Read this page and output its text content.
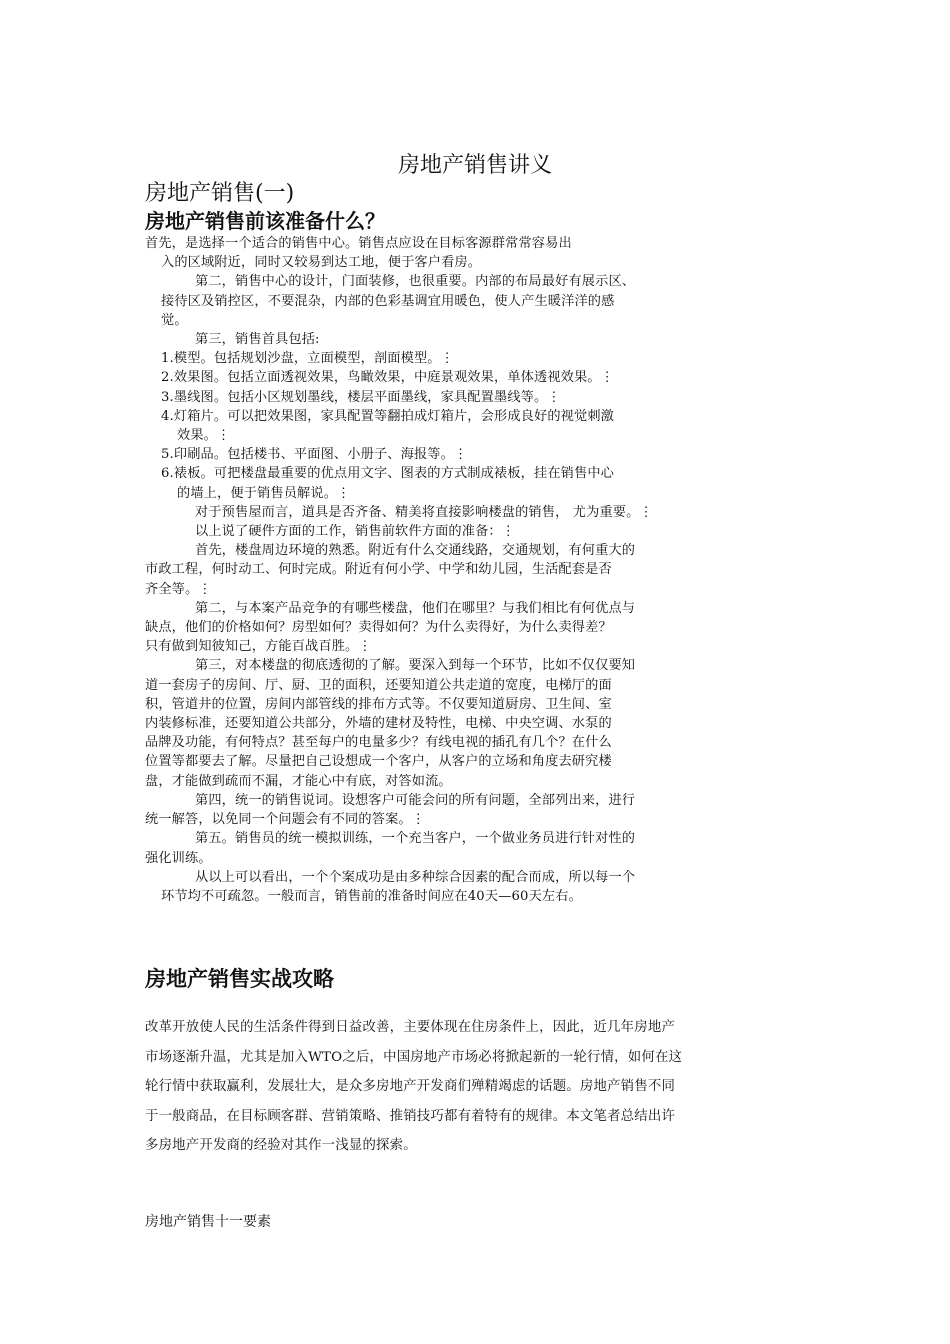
房地产销售讲义
房地产销售(一)
房地产销售前该准备什么？
首先，是选择一个适合的销售中心。销售点应设在目标客源群常常容易出
入的区域附近，同时又较易到达工地，便于客户看房。
第二，销售中心的设计，门面装修，也很重要。内部的布局最好有展示区、
接待区及销控区，不要混杂，内部的色彩基调宜用暖色，使人产生暖洋洋的感
觉。
第三，销售首具包括:
1.模型。包括规划沙盘，立面模型，剖面模型。⋮
2.效果图。包括立面透视效果，鸟瞰效果，中庭景观效果，单体透视效果。⋮
3.墨线图。包括小区规划墨线，楼层平面墨线，家具配置墨线等。⋮
4.灯箱片。可以把效果图，家具配置等翻拍成灯箱片，会形成良好的视觉刺激
效果。⋮
5.印刷品。包括楼书、平面图、小册子、海报等。⋮
6.裱板。可把楼盘最重要的优点用文字、图表的方式制成裱板，挂在销售中心
的墙上，便于销售员解说。⋮
对于预售屋而言，道具是否齐备、精美将直接影响楼盘的销售， 尤为重要。⋮
以上说了硬件方面的工作，销售前软件方面的准备：⋮
首先，楼盘周边环境的熟悉。附近有什么交通线路，交通规划，有何重大的
市政工程，何时动工、何时完成。附近有何小学、中学和幼儿园，生活配套是否
齐全等。⋮
第二，与本案产品竞争的有哪些楼盘，他们在哪里？与我们相比有何优点与
缺点，他们的价格如何？房型如何？卖得如何？为什么卖得好，为什么卖得差？
只有做到知彼知己，方能百战百胜。⋮
第三，对本楼盘的彻底透彻的了解。要深入到每一个环节，比如不仅仅要知
道一套房子的房间、厅、厨、卫的面积，还要知道公共走道的宽度，电梯厅的面
积，管道井的位置，房间内部管线的排布方式等。不仅要知道厨房、卫生间、室
内装修标准，还要知道公共部分，外墙的建材及特性，电梯、中央空调、水泵的
品牌及功能，有何特点？甚至每户的电量多少？有线电视的插孔有几个？在什么
位置等都要去了解。尽量把自己设想成一个客户，从客户的立场和角度去研究楼
盘，才能做到疏而不漏，才能心中有底，对答如流。
第四，统一的销售说词。设想客户可能会问的所有问题，全部列出来，进行
统一解答，以免同一个问题会有不同的答案。⋮
第五。销售员的统一模拟训练，一个充当客户，一个做业务员进行针对性的
强化训练。
从以上可以看出，一个个案成功是由多种综合因素的配合而成，所以每一个
环节均不可疏忽。一般而言，销售前的准备时间应在40天—60天左右。
房地产销售实战攻略
改革开放使人民的生活条件得到日益改善，主要体现在住房条件上，因此，近几年房地产
市场逐渐升温，尤其是加入WTO之后，中国房地产市场必将掀起新的一轮行情，如何在这
轮行情中获取赢利，发展壮大，是众多房地产开发商们殚精竭虑的话题。房地产销售不同
于一般商品，在目标顾客群、营销策略、推销技巧都有着特有的规律。本文笔者总结出许
多房地产开发商的经验对其作一浅显的探索。
房地产销售十一要素
